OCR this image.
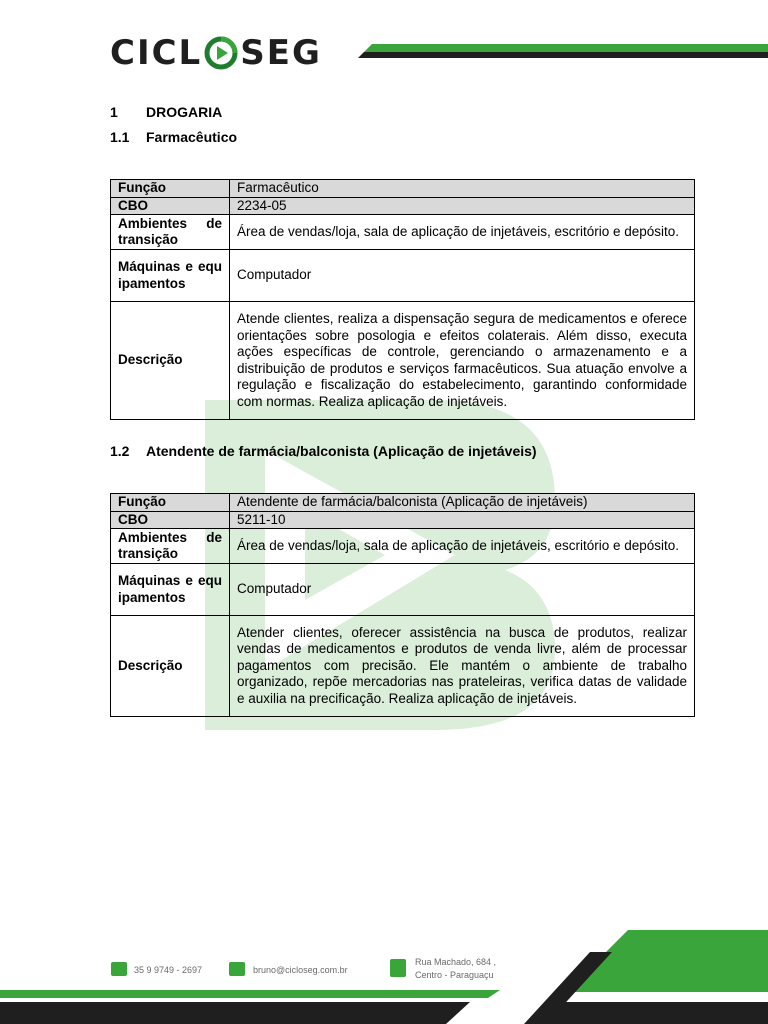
CICL SEG
1 DROGARIA
1.1 Farmacêutico
Função	Farmacêutico
CBO	2234-05
Ambientes de transição	Área de vendas/loja, sala de aplicação de injetáveis, escritório e depósito.
Máquinas e equipamentos	Computador
Descrição	Atende clientes, realiza a dispensação segura de medicamentos e oferece orientações sobre posologia e efeitos colaterais. Além disso, executa ações específicas de controle, gerenciando o armazenamento e a distribuição de produtos e serviços farmacêuticos. Sua atuação envolve a regulação e fiscalização do estabelecimento, garantindo conformidade com normas. Realiza aplicação de injetáveis.
1.2 Atendente de farmácia/balconista (Aplicação de injetáveis)
Função	Atendente de farmácia/balconista (Aplicação de injetáveis)
CBO	5211-10
Ambientes de transição	Área de vendas/loja, sala de aplicação de injetáveis, escritório e depósito.
Máquinas e equipamentos	Computador
Descrição	Atender clientes, oferecer assistência na busca de produtos, realizar vendas de medicamentos e produtos de venda livre, além de processar pagamentos com precisão. Ele mantém o ambiente de trabalho organizado, repõe mercadorias nas prateleiras, verifica datas de validade e auxilia na precificação. Realiza aplicação de injetáveis.
35 9 9749 - 2697	bruno@cicloseg.com.br
Rua Machado, 684 ,
Centro - Paraguaçu
